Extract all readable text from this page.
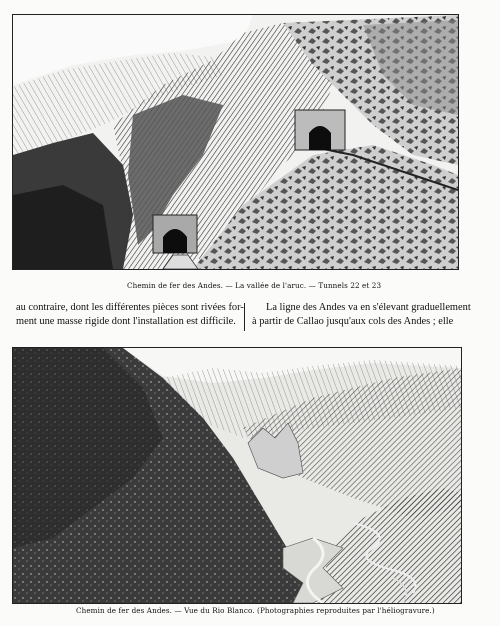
Chemin de fer des Andes. — La vallée de l'aruc. — Tunnels 22 et 23
au contraire, dont les différentes pièces sont rivées for-
ment une masse rigide dont l'installation est difficile.
La ligne des Andes va en s'élevant graduellement
à partir de Callao jusqu'aux cols des Andes ; elle
Chemin de fer des Andes. — Vue du Rio Blanco. (Photographies reproduites par l'héliogravure.)
